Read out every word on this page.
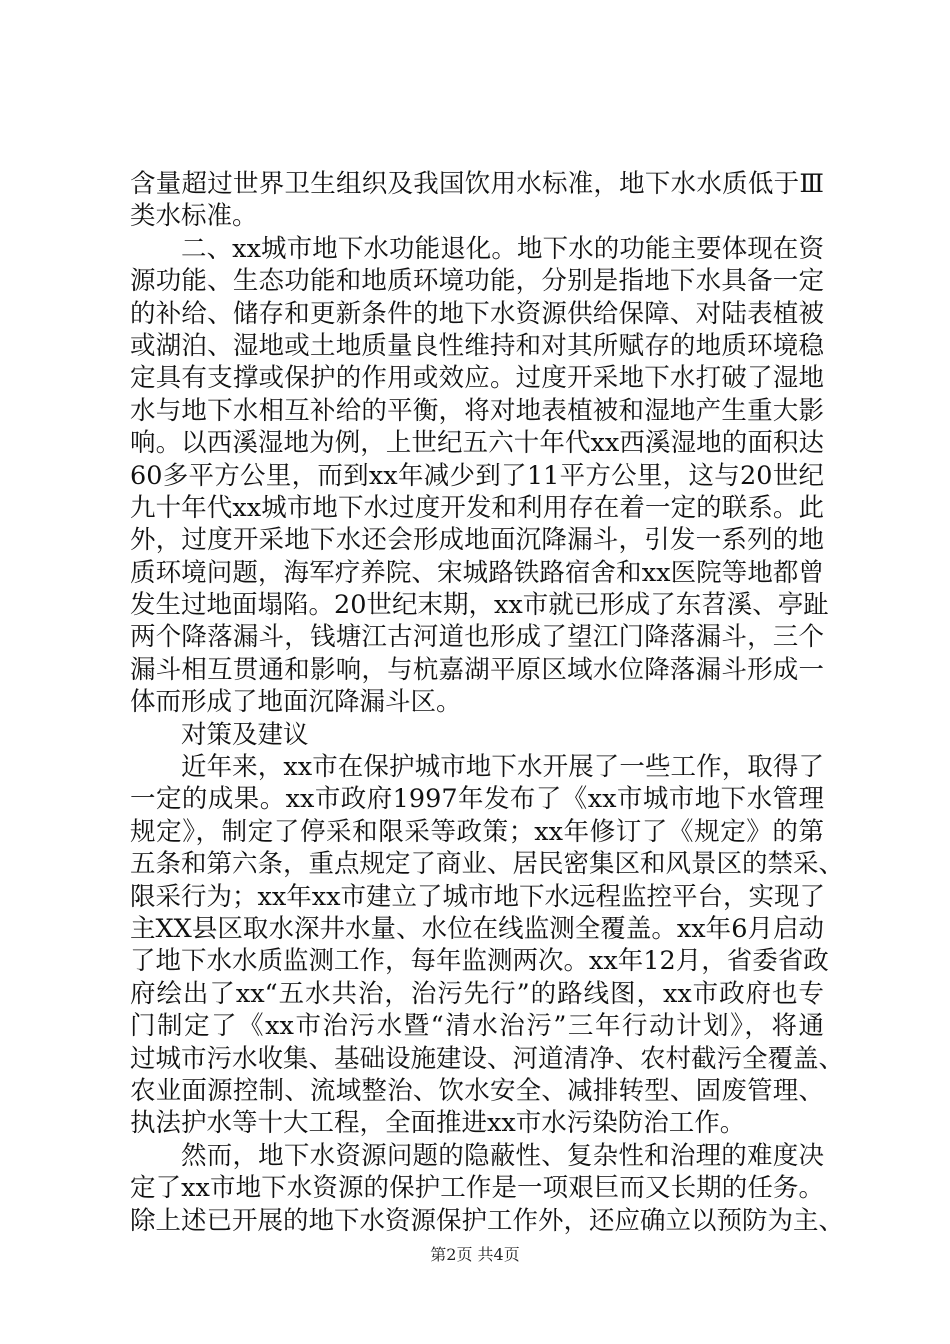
含量超过世界卫生组织及我国饮用水标准，地下水水质低于Ⅲ
类水标准。
二、xx城市地下水功能退化。地下水的功能主要体现在资
源功能、生态功能和地质环境功能，分别是指地下水具备一定
的补给、储存和更新条件的地下水资源供给保障、对陆表植被
或湖泊、湿地或土地质量良性维持和对其所赋存的地质环境稳
定具有支撑或保护的作用或效应。过度开采地下水打破了湿地
水与地下水相互补给的平衡，将对地表植被和湿地产生重大影
响。以西溪湿地为例，上世纪五六十年代xx西溪湿地的面积达
60多平方公里，而到xx年减少到了11平方公里，这与20世纪
九十年代xx城市地下水过度开发和利用存在着一定的联系。此
外，过度开采地下水还会形成地面沉降漏斗，引发一系列的地
质环境问题，海军疗养院、宋城路铁路宿舍和xx医院等地都曾
发生过地面塌陷。20世纪末期，xx市就已形成了东苕溪、亭趾
两个降落漏斗，钱塘江古河道也形成了望江门降落漏斗，三个
漏斗相互贯通和影响，与杭嘉湖平原区域水位降落漏斗形成一
体而形成了地面沉降漏斗区。
对策及建议
近年来，xx市在保护城市地下水开展了一些工作，取得了
一定的成果。xx市政府1997年发布了《xx市城市地下水管理
规定》，制定了停采和限采等政策；xx年修订了《规定》的第
五条和第六条，重点规定了商业、居民密集区和风景区的禁采、
限采行为；xx年xx市建立了城市地下水远程监控平台，实现了
主XX县区取水深井水量、水位在线监测全覆盖。xx年6月启动
了地下水水质监测工作，每年监测两次。xx年12月，省委省政
府绘出了xx“五水共治，治污先行”的路线图，xx市政府也专
门制定了《xx市治污水暨“清水治污”三年行动计划》，将通
过城市污水收集、基础设施建设、河道清净、农村截污全覆盖、
农业面源控制、流域整治、饮水安全、减排转型、固废管理、
执法护水等十大工程，全面推进xx市水污染防治工作。
然而，地下水资源问题的隐蔽性、复杂性和治理的难度决
定了xx市地下水资源的保护工作是一项艰巨而又长期的任务。
除上述已开展的地下水资源保护工作外，还应确立以预防为主、
第2页 共4页
